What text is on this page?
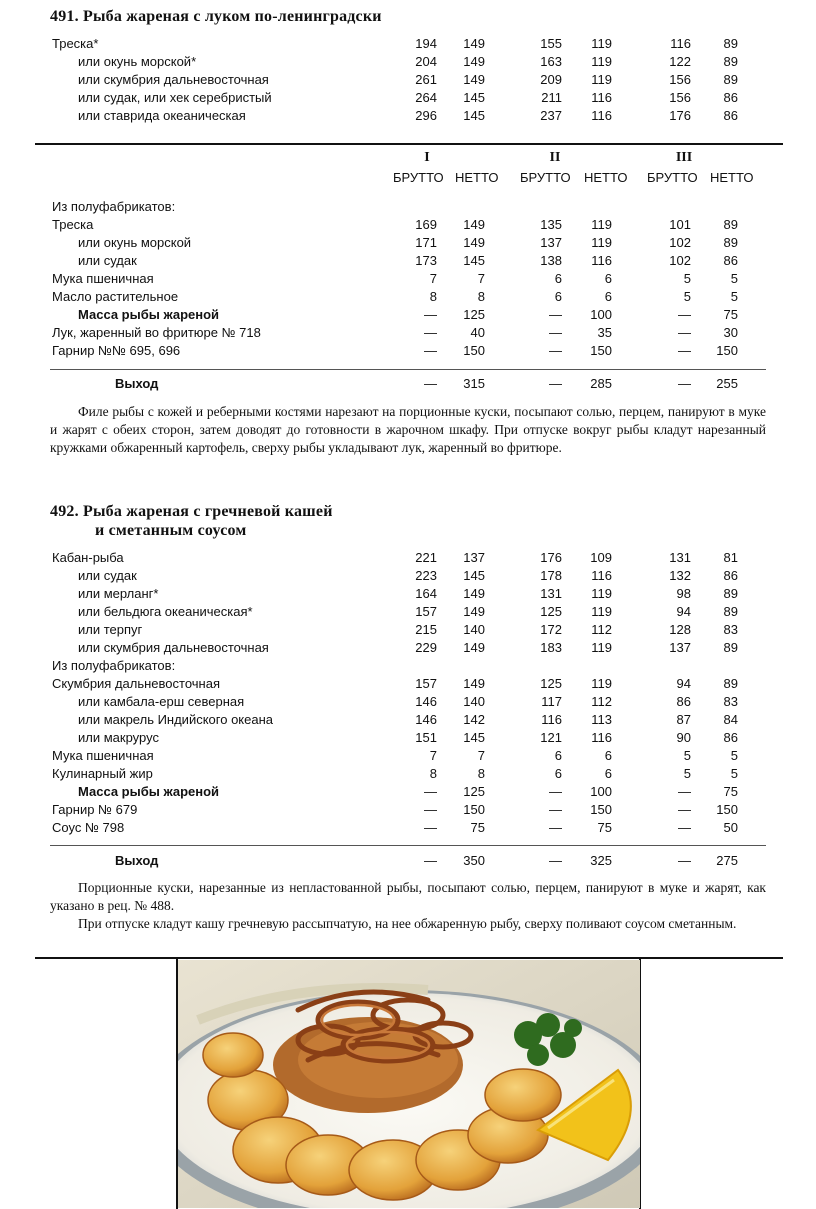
491. Рыба жареная с луком по-ленинградски
Треска*	194	149	155	119	116	89
или окунь морской*	204	149	163	119	122	89
или скумбрия дальневосточная	261	149	209	119	156	89
или судак, или хек серебристый	264	145	211	116	156	86
или ставрида океаническая	296	145	237	116	176	86
I	II	III
БРУТТО НЕТТО БРУТТО НЕТТО БРУТТО НЕТТО
Из полуфабрикатов:
Треска	169	149	135	119	101	89
или окунь морской	171	149	137	119	102	89
или судак	173	145	138	116	102	86
Мука пшеничная	7	7	6	6	5	5
Масло растительное	8	8	6	6	5	5
Масса рыбы жареной	—	125	—	100	—	75
Лук, жаренный во фритюре № 718	—	40	—	35	—	30
Гарнир №№ 695, 696	—	150	—	150	—	150
Выход	—	315	—	285	—	255

Филе рыбы с кожей и реберными костями нарезают на порционные куски, посыпают солью, перцем, панируют в муке и жарят с обеих сторон, затем доводят до готовности в жарочном шкафу. При отпуске вокруг рыбы кладут нарезанный кружками обжаренный картофель, сверху рыбы укладывают лук, жаренный во фритюре.

492. Рыба жареная с гречневой кашей
и сметанным соусом
Кабан-рыба	221	137	176	109	131	81
или судак	223	145	178	116	132	86
или мерланг*	164	149	131	119	98	89
или бельдюга океаническая*	157	149	125	119	94	89
или терпуг	215	140	172	112	128	83
или скумбрия дальневосточная	229	149	183	119	137	89
Из полуфабрикатов:
Скумбрия дальневосточная	157	149	125	119	94	89
или камбала-ерш северная	146	140	117	112	86	83
или макрель Индийского океана	146	142	116	113	87	84
или макрурус	151	145	121	116	90	86
Мука пшеничная	7	7	6	6	5	5
Кулинарный жир	8	8	6	6	5	5
Масса рыбы жареной	—	125	—	100	—	75
Гарнир № 679	—	150	—	150	—	150
Соус № 798	—	75	—	75	—	50
Выход	—	350	—	325	—	275

Порционные куски, нарезанные из непластованной рыбы, посыпают солью, перцем, панируют в муке и жарят, как указано в рец. № 488.

При отпуске кладут кашу гречневую рассыпчатую, на нее обжаренную рыбу, сверху поливают соусом сметанным.
